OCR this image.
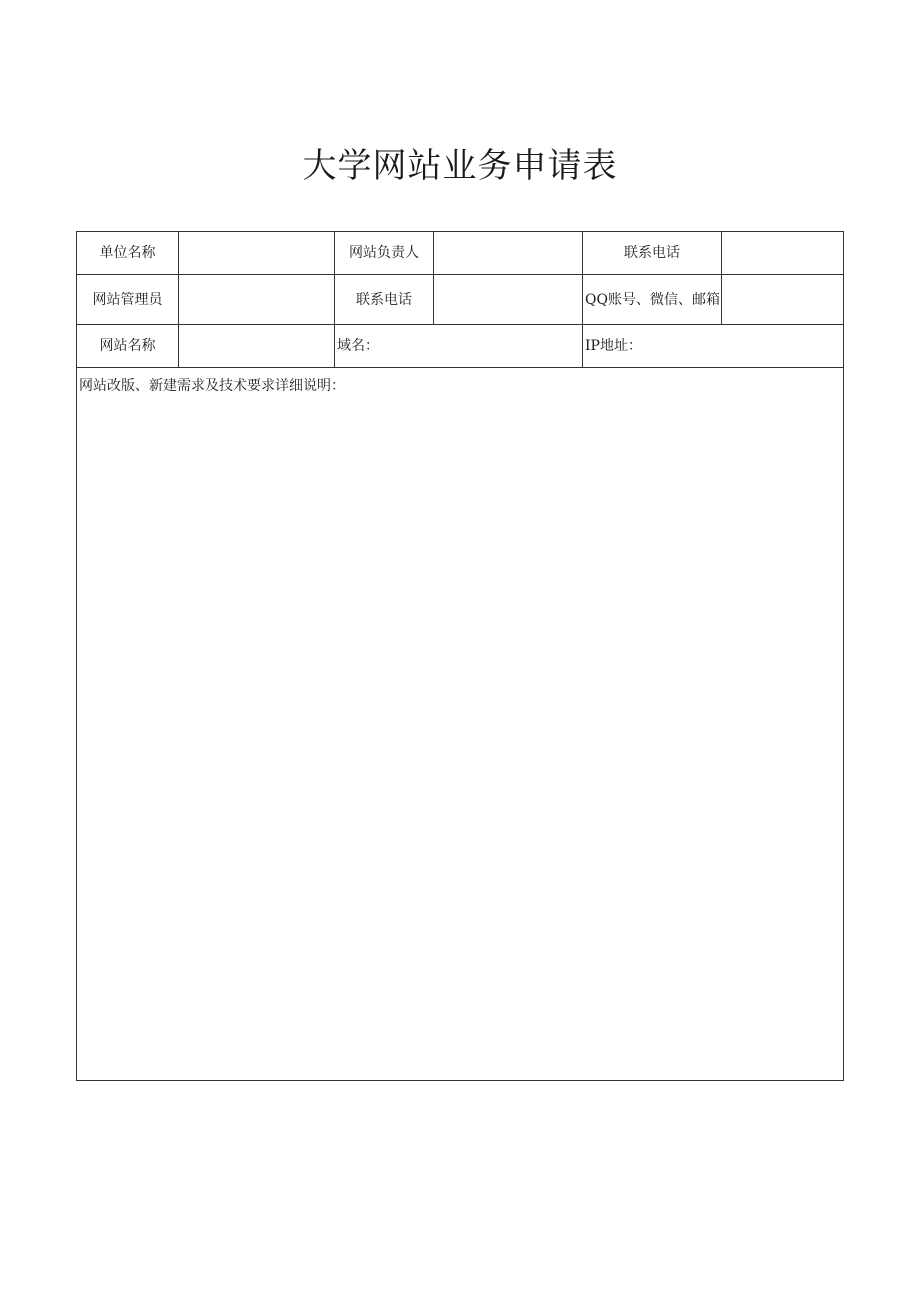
大学网站业务申请表
单位名称		网站负责人		联系电话	
网站管理员		联系电话		QQ账号、微信、邮箱	
网站名称		域名：		IP地址：	
网站改版、新建需求及技术要求详细说明：					
